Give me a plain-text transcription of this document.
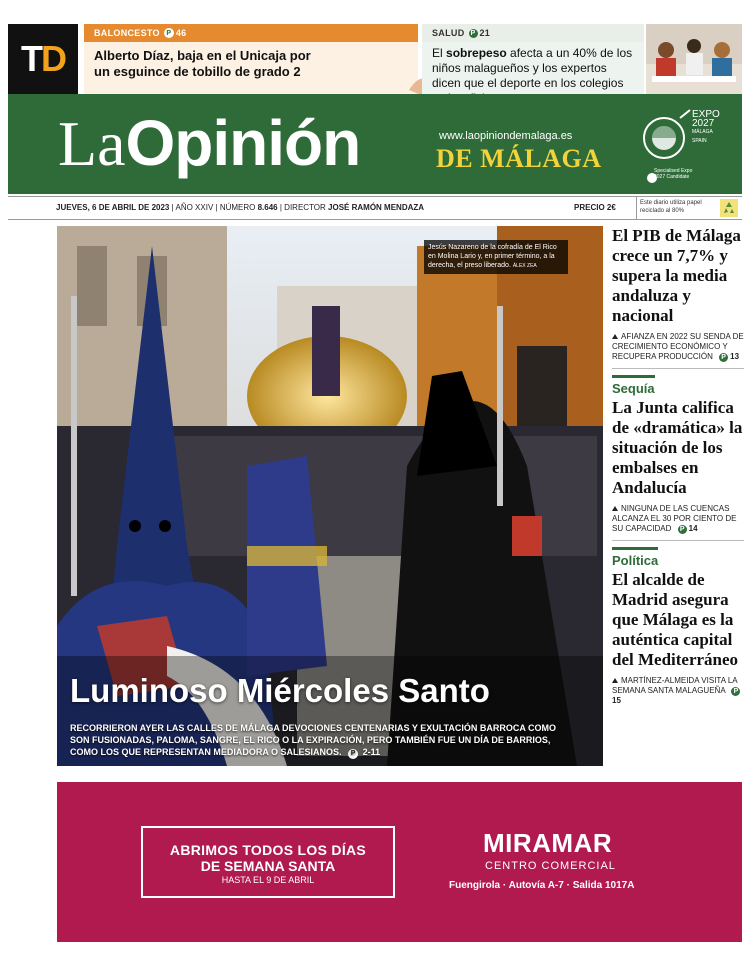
T D
BALONCESTO P 46
Alberto Díaz, baja en el Unicaja por un esguince de tobillo de grado 2
SALUD P 21
El sobrepeso afecta a un 40% de los niños malagueños y los expertos dicen que el deporte en los colegios
LaOpinión	www.laopiniondemalaga.es
DE MÁLAGA
EXPO
2027

MÁLAGA
SPAIN
Specialised Expo 2027 Candidate
JUEVES, 6 DE ABRIL DE 2023 | AÑO XXIV | NÚMERO 8.646 | DIRECTOR JOSÉ RAMÓN MENDAZA	PRECIO 2€	Este diario utiliza papel reciclado al 80%
Jesús Nazareno de la cofradía de El Rico en Molina Lario y, en primer término, a la derecha, el preso liberado. ÁLEX ZEA
Luminoso Miércoles Santo
RECORRIERON AYER LAS CALLES DE MÁLAGA DEVOCIONES CENTENARIAS Y EXULTACIÓN BARROCA COMO SON FUSIONADAS, PALOMA, SANGRE, EL RICO O LA EXPIRACIÓN, PERO TAMBIÉN FUE UN DÍA DE BARRIOS, COMO LOS QUE REPRESENTAN MEDIADORA O SALESIANOS. P 2-11
El PIB de Málaga crece un 7,7% y supera la media andaluza y nacional
AFIANZA EN 2022 SU SENDA DE CRECIMIENTO ECONÓMICO Y RECUPERA PRODUCCIÓN P 13
Sequía
La Junta califica de «dramática» la situación de los embalses en Andalucía
NINGUNA DE LAS CUENCAS ALCANZA EL 30 POR CIENTO DE SU CAPACIDAD P 14
Política
El alcalde de Madrid asegura que Málaga es la auténtica capital del Mediterráneo
MARTÍNEZ-ALMEIDA VISITA LA SEMANA SANTA MALAGUEÑA P15
ABRIMOS TODOS LOS DÍAS
DE SEMANA SANTA
HASTA EL 9 DE ABRIL
MIRAMAR
CENTRO COMERCIAL
Fuengirola · Autovía A-7 · Salida 1017A
